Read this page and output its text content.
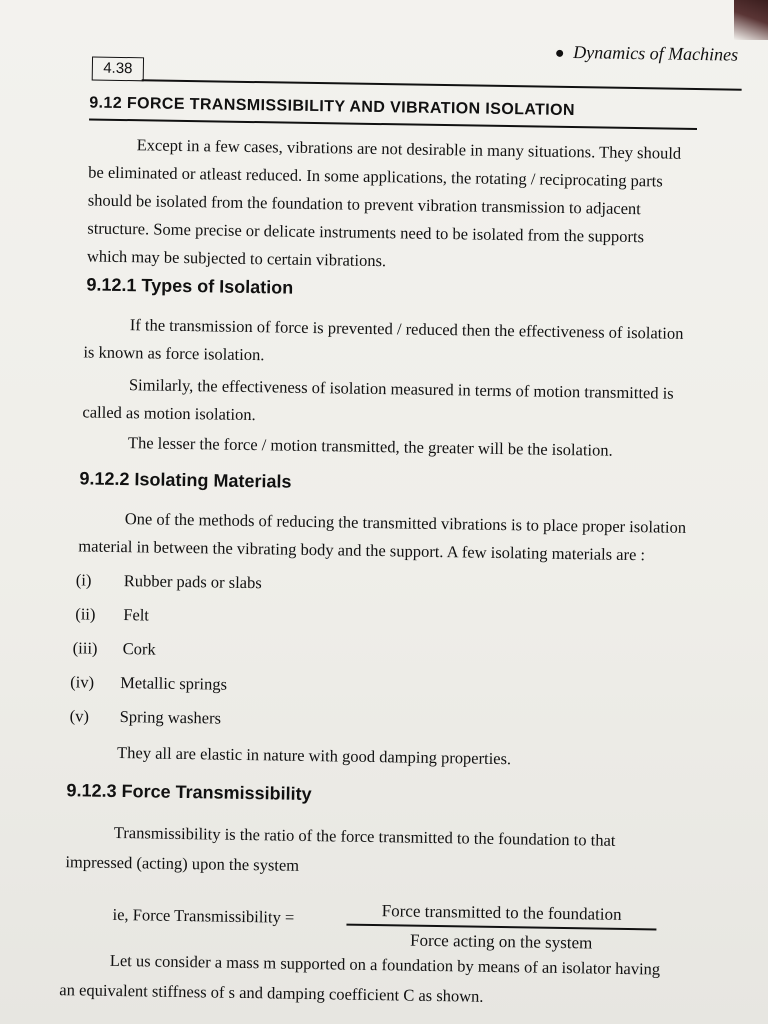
Dynamics of Machines
4.38
9.12 FORCE TRANSMISSIBILITY AND VIBRATION ISOLATION
Except in a few cases, vibrations are not desirable in many situations. They should
be eliminated or atleast reduced. In some applications, the rotating / reciprocating parts
should be isolated from the foundation to prevent vibration transmission to adjacent
structure. Some precise or delicate instruments need to be isolated from the supports
which may be subjected to certain vibrations.
9.12.1 Types of Isolation
If the transmission of force is prevented / reduced then the effectiveness of isolation
is known as force isolation.
Similarly, the effectiveness of isolation measured in terms of motion transmitted is
called as motion isolation.
The lesser the force / motion transmitted, the greater will be the isolation.
9.12.2 Isolating Materials
One of the methods of reducing the transmitted vibrations is to place proper isolation
material in between the vibrating body and the support. A few isolating materials are :
(i) Rubber pads or slabs
(ii) Felt
(iii) Cork
(iv) Metallic springs
(v) Spring washers
They all are elastic in nature with good damping properties.
9.12.3 Force Transmissibility
Transmissibility is the ratio of the force transmitted to the foundation to that
impressed (acting) upon the system
ie, Force Transmissibility =	Force transmitted to the foundation
Force acting on the system
Let us consider a mass m supported on a foundation by means of an isolator having
an equivalent stiffness of s and damping coefficient C as shown.
